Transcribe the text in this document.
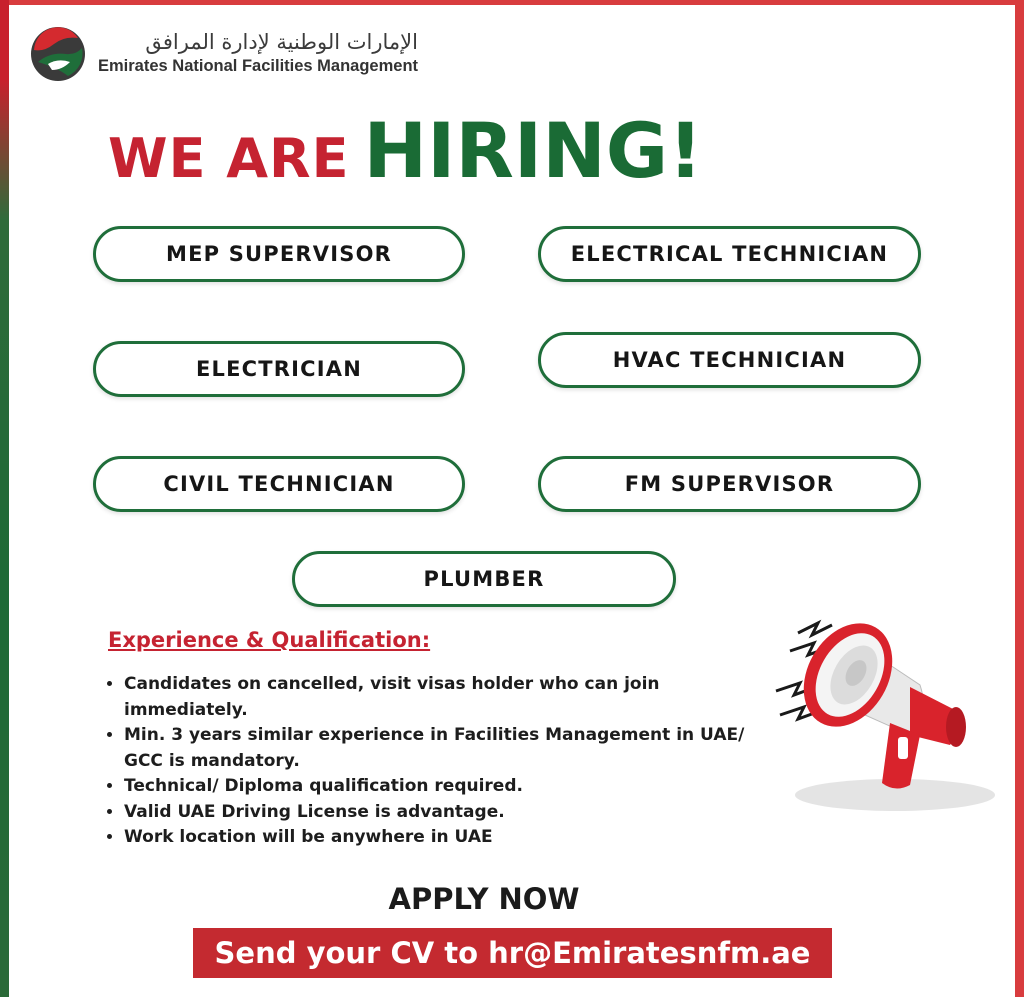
الإمارات الوطنية لإدارة المرافق
Emirates National Facilities Management
WE ARE HIRING!
MEP SUPERVISOR	ELECTRICAL TECHNICIAN
ELECTRICIAN	HVAC TECHNICIAN
CIVIL TECHNICIAN	FM SUPERVISOR
PLUMBER
Experience & Qualification:
• Candidates on cancelled, visit visas holder who can join immediately.
• Min. 3 years similar experience in Facilities Management in UAE/ GCC is mandatory.
• Technical/ Diploma qualification required.
• Valid UAE Driving License is advantage.
• Work location will be anywhere in UAE
APPLY NOW
Send your CV to hr@Emiratesnfm.ae
